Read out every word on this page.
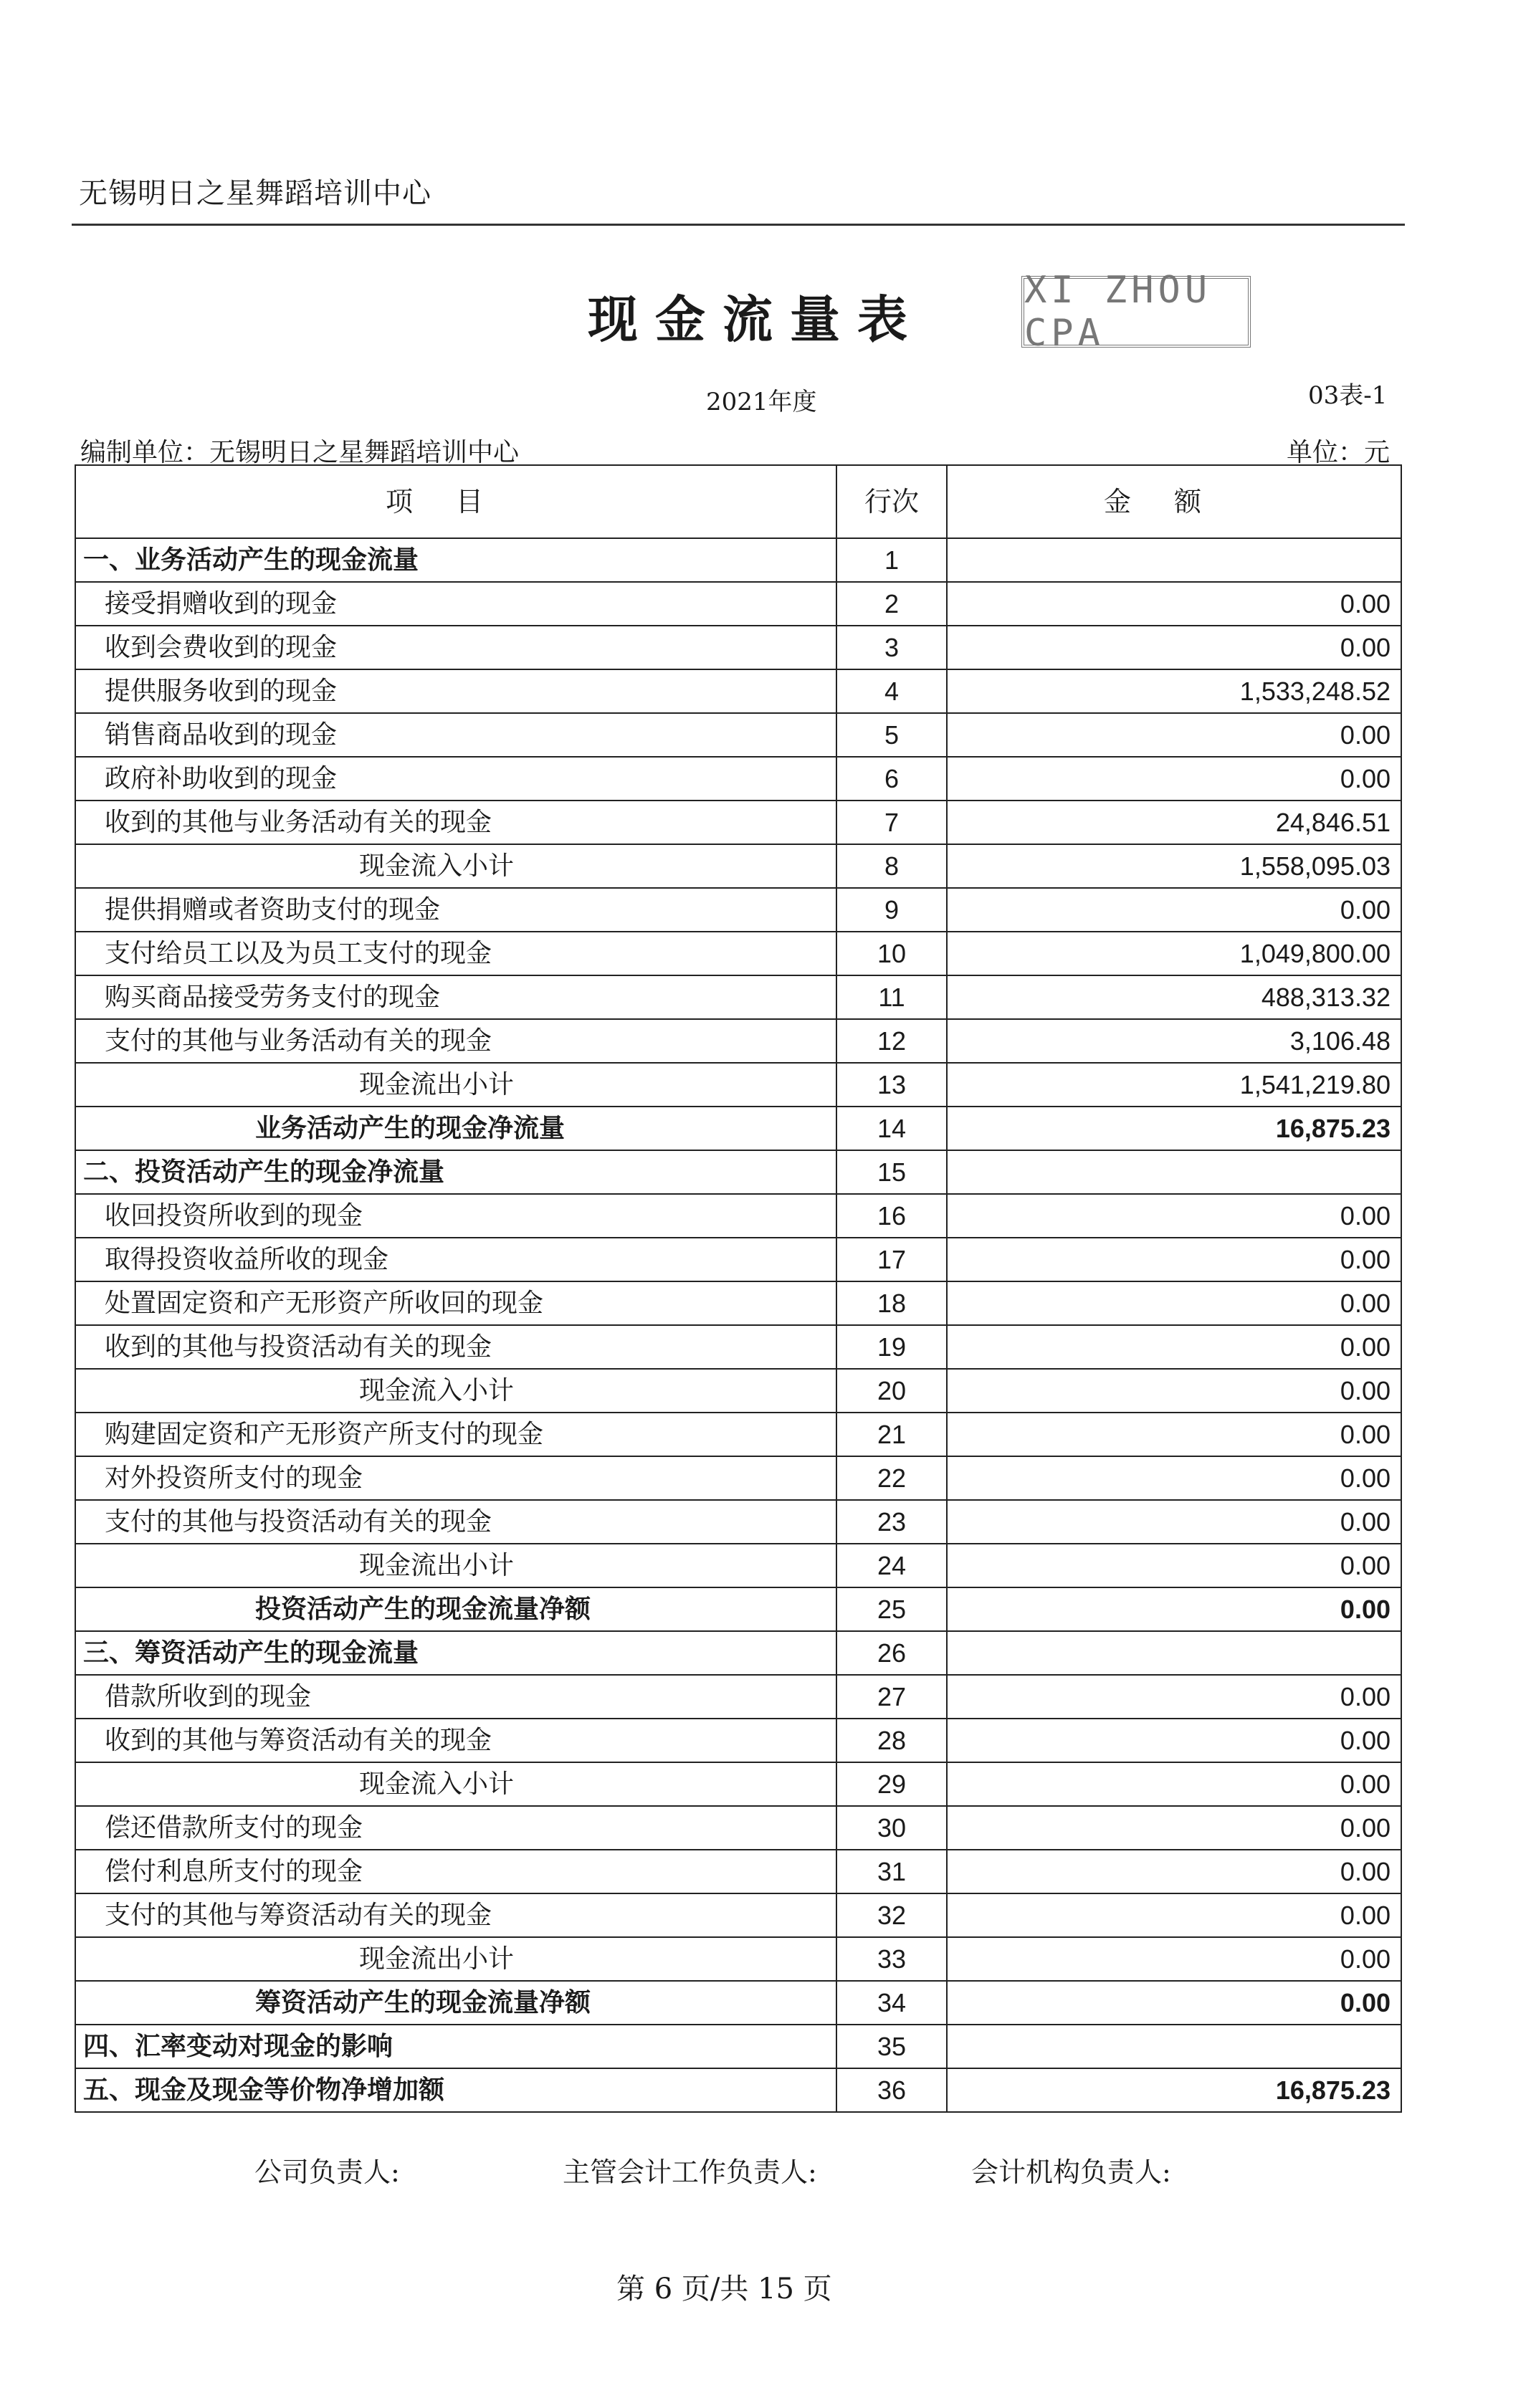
无锡明日之星舞蹈培训中心
现金流量表	XI ZHOU CPA
2021年度	03表-1
编制单位：无锡明日之星舞蹈培训中心	单位：元
项目	行次	金额
一、业务活动产生的现金流量	1	
接受捐赠收到的现金	2	0.00
收到会费收到的现金	3	0.00
提供服务收到的现金	4	1,533,248.52
销售商品收到的现金	5	0.00
政府补助收到的现金	6	0.00
收到的其他与业务活动有关的现金	7	24,846.51
现金流入小计	8	1,558,095.03
提供捐赠或者资助支付的现金	9	0.00
支付给员工以及为员工支付的现金	10	1,049,800.00
购买商品接受劳务支付的现金	11	488,313.32
支付的其他与业务活动有关的现金	12	3,106.48
现金流出小计	13	1,541,219.80
业务活动产生的现金净流量	14	16,875.23
二、投资活动产生的现金净流量	15	
收回投资所收到的现金	16	0.00
取得投资收益所收的现金	17	0.00
处置固定资和产无形资产所收回的现金	18	0.00
收到的其他与投资活动有关的现金	19	0.00
现金流入小计	20	0.00
购建固定资和产无形资产所支付的现金	21	0.00
对外投资所支付的现金	22	0.00
支付的其他与投资活动有关的现金	23	0.00
现金流出小计	24	0.00
投资活动产生的现金流量净额	25	0.00
三、筹资活动产生的现金流量	26	
借款所收到的现金	27	0.00
收到的其他与筹资活动有关的现金	28	0.00
现金流入小计	29	0.00
偿还借款所支付的现金	30	0.00
偿付利息所支付的现金	31	0.00
支付的其他与筹资活动有关的现金	32	0.00
现金流出小计	33	0.00
筹资活动产生的现金流量净额	34	0.00
四、汇率变动对现金的影响	35	
五、现金及现金等价物净增加额	36	16,875.23
公司负责人:	主管会计工作负责人:	会计机构负责人:
第 6 页/共 15 页
